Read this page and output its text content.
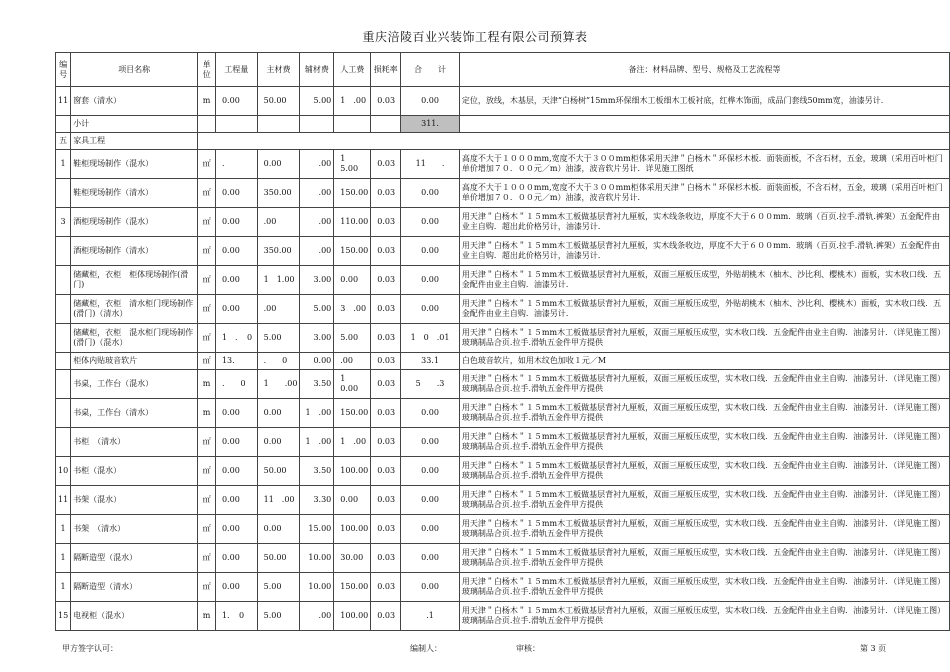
重庆涪陵百业兴装饰工程有限公司预算表
编号	项目名称	单位	工程量	主材费	辅材费	人工费	损耗率	合　　计	备注：材料品牌、型号、规格及工艺流程等
11	窗套（清水）	m	0.00	50.00	5.00	1　.00	0.03	0.00	定位，放线，木基层，天津“白杨树”15mm环保细木工板细木工板衬底，红桦木饰面，成品门套线50mm宽，油漆另计.
	小计							311.	
五	家具工程								
1	鞋柜现场制作（混水）	㎡	．	0.00	.00	1　5.00	0.03	11　　.	高度不大于１０００mm,宽度不大于３００mm柜体采用天津＂白杨木＂环保杉木板．面装面板，不含石材，五金，玻璃（采用百叶柜门单价增加７０．００元／m）油漆，波音软片另计．详见施工图纸
	鞋柜现场制作（清水）	㎡	0.00	350.00	.00	150.00	0.03	0.00	高度不大于１０００mm,宽度不大于３００mm柜体采用天津＂白杨木＂环保杉木板．面装面板，不含石材，五金，玻璃（采用百叶柜门单价增加７０．００元／m）油漆，波音软片另计．
3	酒柜现场制作（混水）	㎡	0.00	.00	.00	110.00	0.03	0.00	用天津＂白杨木＂１５mm木工板做基层背衬九厘板，实木线条收边，厚度不大于６００mm．玻璃（百页.拉手.滑轨.裤架）五金配件由业主自购．超出此价格另计，油漆另计．
	酒柜现场制作（清水）	㎡	0.00	350.00	.00	150.00	0.03	0.00	用天津＂白杨木＂１５mm木工板做基层背衬九厘板，实木线条收边，厚度不大于６００mm．玻璃（百页.拉手.滑轨.裤架）五金配件由业主自购．超出此价格另计，油漆另计．
	储藏柜，衣柜　柜体现场制作(滑门)	㎡	0.00	1　1.00	3.00	0.00	0.03	0.00	用天津＂白杨木＂１５mm木工板做基层背衬九厘板，双面三厘板压成型，外贴胡桃木（柚木、沙比利、樱桃木）面板，实木收口线．五金配件由业主自购．油漆另计．
	储藏柜，衣柜　清水柜门现场制作(滑门)（清水）	㎡	0.00	.00	5.00	3　.00	0.03	0.00	用天津＂白杨木＂１５mm木工板做基层背衬九厘板，双面三厘板压成型，外贴胡桃木（柚木、沙比利、樱桃木）面板，实木收口线．五金配件由业主自购．油漆另计．
	储藏柜，衣柜　混水柜门现场制作(滑门)（混水）	㎡	1　．　0	5.00	3.00	5.00	0.03	1　0　.01	用天津＂白杨木＂１５mm木工板做基层背衬九厘板，双面三厘板压成型，实木收口线．五金配件由业主自购．油漆另计．（详见施工图）玻璃制品合页.拉手.滑轨五金件甲方提供
	柜体内贴玻音软片	㎡	13.	.　　0	0.00	.00	0.03	33.1	白色玻音软片，如用木纹色加收１元／M
	书桌，工作台（混水）	m	.　　0	1　　.00	3.50	1　0.00	0.03	5　　.3	用天津＂白杨木＂１５mm木工板做基层背衬九厘板，双面三厘板压成型，实木收口线．五金配件由业主自购．油漆另计．（详见施工图）玻璃制品合页.拉手.滑轨五金件甲方提供
	书桌，工作台（清水）	m	0.00	0.00	1　.00	150.00	0.03	0.00	用天津＂白杨木＂１５mm木工板做基层背衬九厘板，双面三厘板压成型，实木收口线．五金配件由业主自购．油漆另计．（详见施工图）玻璃制品合页.拉手.滑轨五金件甲方提供
	书柜　（清水）	㎡	0.00	0.00	1　.00	1　.00	0.03	0.00	用天津＂白杨木＂１５mm木工板做基层背衬九厘板，双面三厘板压成型，实木收口线．五金配件由业主自购．油漆另计．（详见施工图）玻璃制品合页.拉手.滑轨五金件甲方提供
10	书柜（混水）	㎡	0.00	50.00	3.50	100.00	0.03	0.00	用天津＂白杨木＂１５mm木工板做基层背衬九厘板，双面三厘板压成型，实木收口线．五金配件由业主自购．油漆另计．（详见施工图）玻璃制品合页.拉手.滑轨五金件甲方提供
11	书架（混水）	㎡	0.00	11　.00	3.30	0.00	0.03	0.00	用天津＂白杨木＂１５mm木工板做基层背衬九厘板，双面三厘板压成型，实木收口线．五金配件由业主自购．油漆另计．（详见施工图）玻璃制品合页.拉手.滑轨五金件甲方提供
1	书架　（清水）	㎡	0.00	0.00	15.00	100.00	0.03	0.00	用天津＂白杨木＂１５mm木工板做基层背衬九厘板，双面三厘板压成型，实木收口线．五金配件由业主自购．油漆另计．（详见施工图）玻璃制品合页.拉手.滑轨五金件甲方提供
1	隔断造型（混水）	㎡	0.00	50.00	10.00	30.00	0.03	0.00	用天津＂白杨木＂１５mm木工板做基层背衬九厘板，双面三厘板压成型，实木收口线．五金配件由业主自购．油漆另计．（详见施工图）玻璃制品合页.拉手.滑轨五金件甲方提供
1	隔断造型（清水）	㎡	0.00	5.00	10.00	150.00	0.03	0.00	用天津＂白杨木＂１５mm木工板做基层背衬九厘板，双面三厘板压成型，实木收口线．五金配件由业主自购．油漆另计．（详见施工图）玻璃制品合页.拉手.滑轨五金件甲方提供
15	电视柜（混水）	m	1．　0	5.00	.00	100.00	0.03	.1	用天津＂白杨木＂１５mm木工板做基层背衬九厘板，双面三厘板压成型，实木收口线．五金配件由业主自购．油漆另计．（详见施工图）玻璃制品合页.拉手.滑轨五金件甲方提供
甲方签字认可：	编制人：	审核：	第 3 页
